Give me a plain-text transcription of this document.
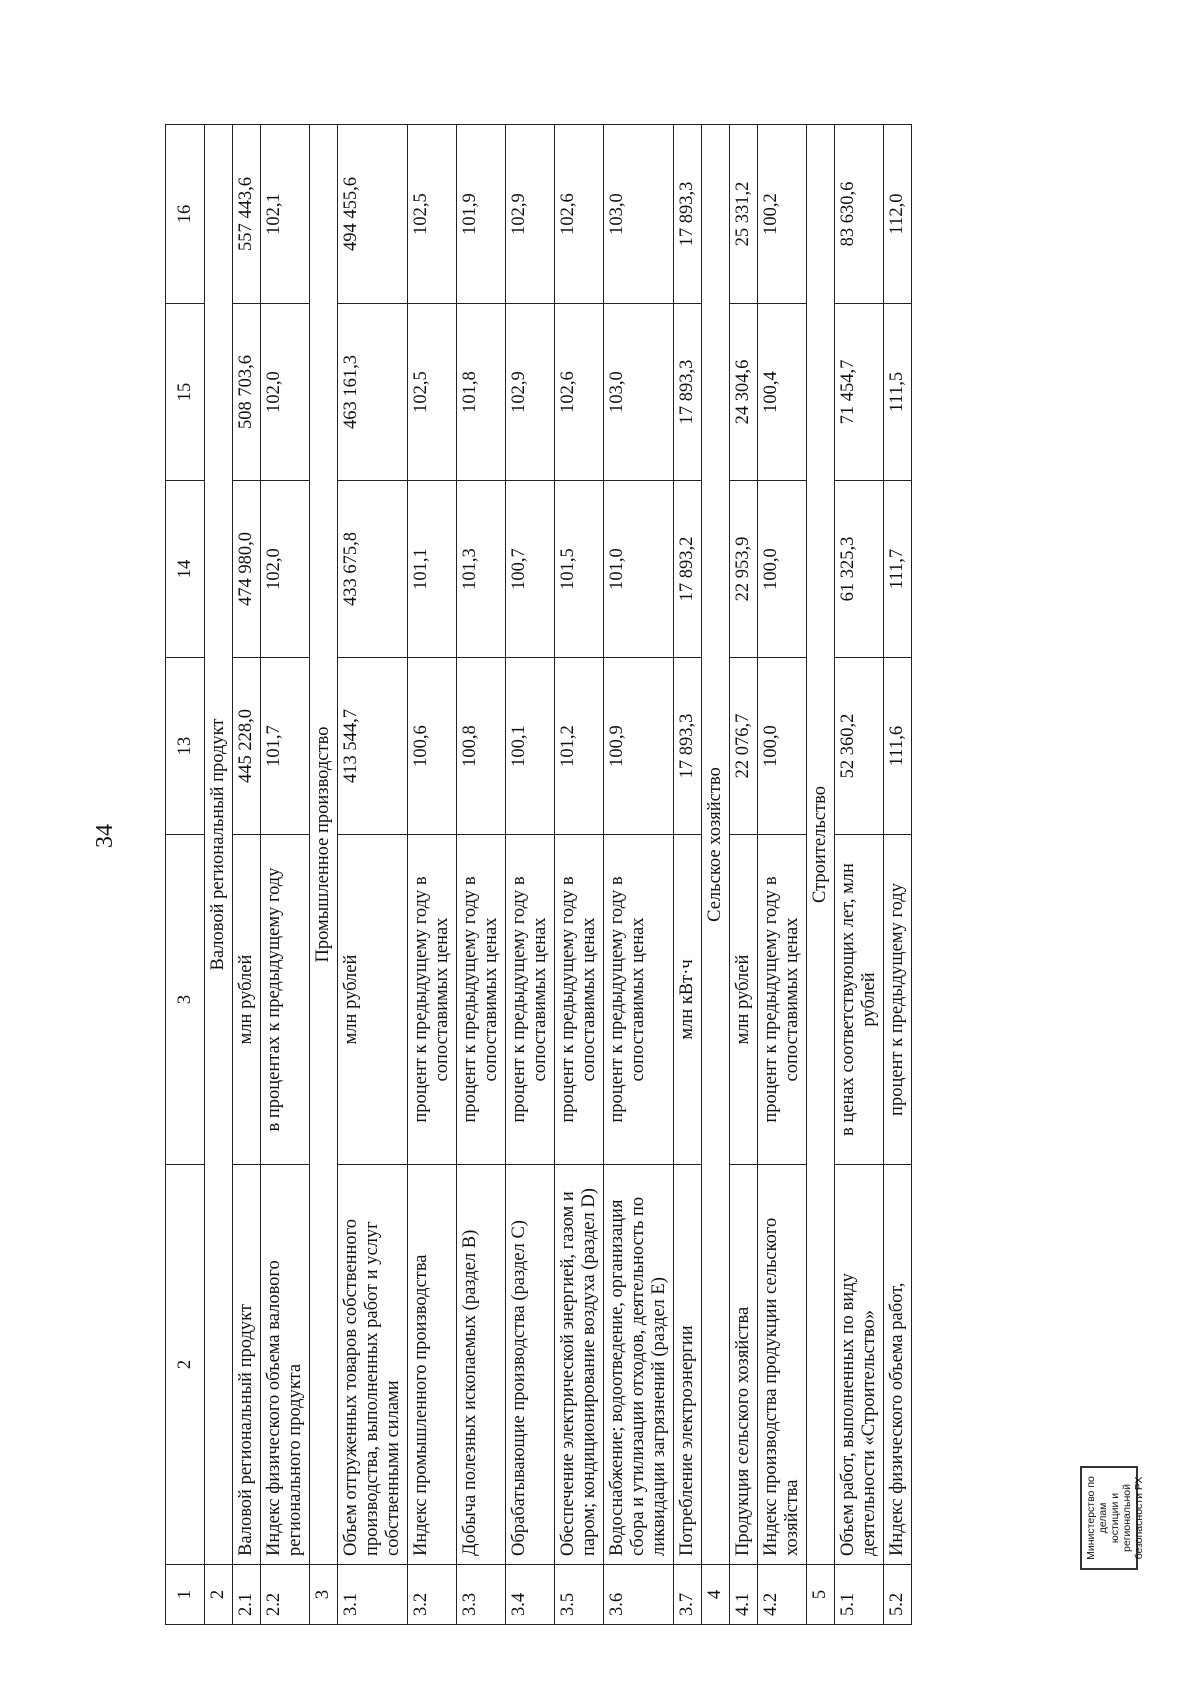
34
1	2	3	13	14	15	16
2	Валовой региональный продукт					
2.1	Валовой региональный продукт	млн рублей	445 228,0	474 980,0	508 703,6	557 443,6
2.2	Индекс физического объема валового регионального продукта	в процентах к предыдущему году	101,7	102,0	102,0	102,1
3	Промышленное производство					
3.1	Объем отгруженных товаров собственного производства, выполненных работ и услуг собственными силами	млн рублей	413 544,7	433 675,8	463 161,3	494 455,6
3.2	Индекс промышленного производства	процент к предыдущему году в сопоставимых ценах	100,6	101,1	102,5	102,5
3.3	Добыча полезных ископаемых (раздел B)	процент к предыдущему году в сопоставимых ценах	100,8	101,3	101,8	101,9
3.4	Обрабатывающие производства (раздел C)	процент к предыдущему году в сопоставимых ценах	100,1	100,7	102,9	102,9
3.5	Обеспечение электрической энергией, газом и паром; кондиционирование воздуха (раздел D)	процент к предыдущему году в сопоставимых ценах	101,2	101,5	102,6	102,6
3.6	Водоснабжение; водоотведение, организация сбора и утилизации отходов, деятельность по ликвидации загрязнений (раздел E)	процент к предыдущему году в сопоставимых ценах	100,9	101,0	103,0	103,0
3.7	Потребление электроэнергии	млн кВт·ч	17 893,3	17 893,2	17 893,3	17 893,3
4	Сельское хозяйство					
4.1	Продукция сельского хозяйства	млн рублей	22 076,7	22 953,9	24 304,6	25 331,2
4.2	Индекс производства продукции сельского хозяйства	процент к предыдущему году в сопоставимых ценах	100,0	100,0	100,4	100,2
5	Строительство					
5.1	Объем работ, выполненных по виду деятельности «Строительство»	в ценах соответствующих лет, млн рублей	52 360,2	61 325,3	71 454,7	83 630,6
5.2	Индекс физического объема работ,	процент к предыдущему году	111,6	111,7	111,5	112,0
Министерство по делам юстиции и региональной безопасности РХ
